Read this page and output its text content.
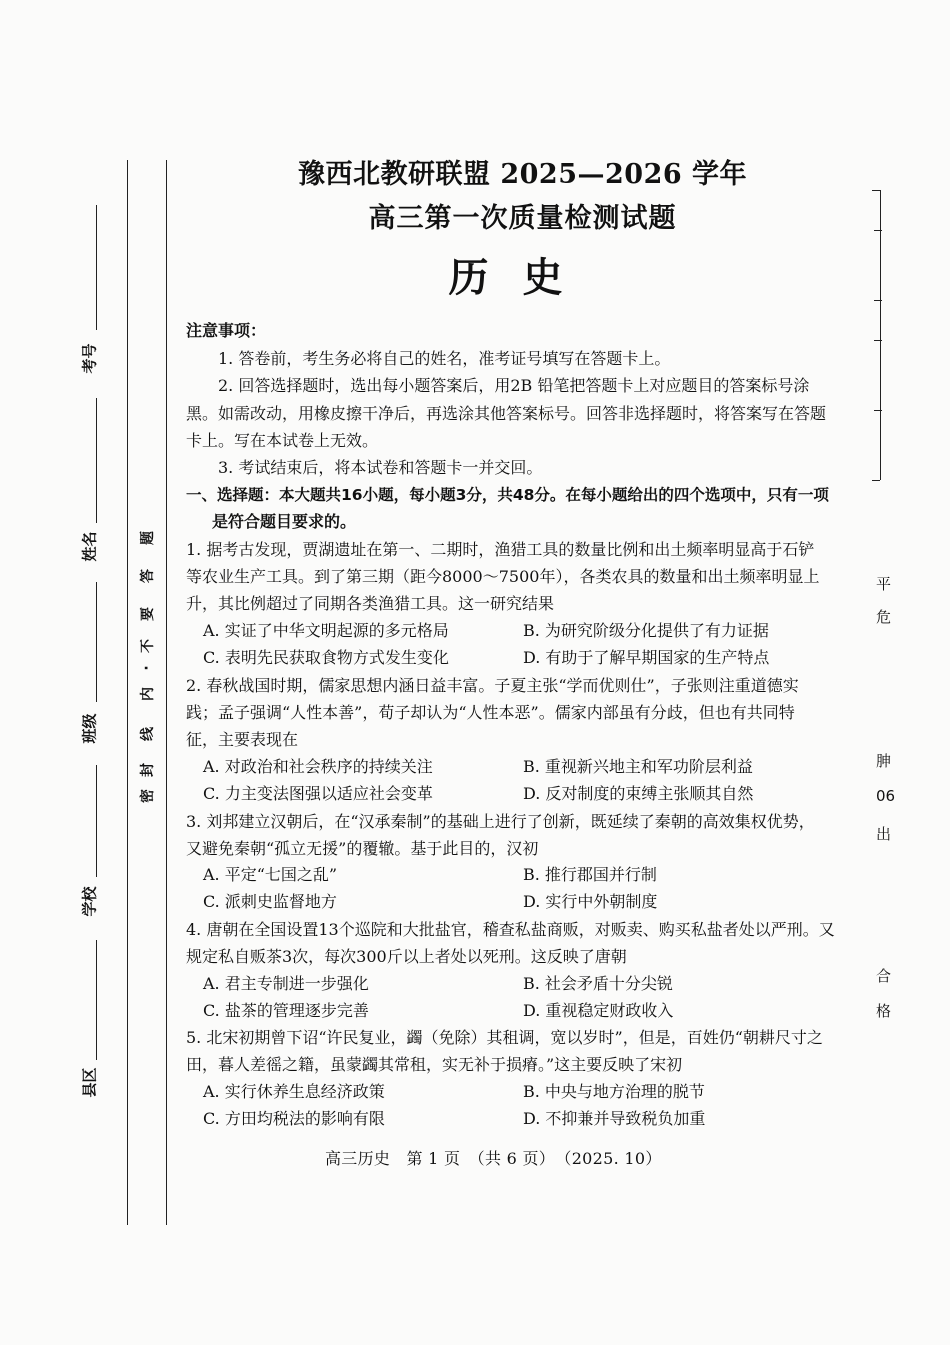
考号
姓名
班级
学校
县区
题
答
要
不
·
内
线
封
密
平
危
胂
06
出
合
格
豫西北教研联盟 2025—2026 学年
高三第一次质量检测试题
历史
注意事项：
1. 答卷前，考生务必将自己的姓名，准考证号填写在答题卡上。
2. 回答选择题时，选出每小题答案后，用2B 铅笔把答题卡上对应题目的答案标号涂
黑。如需改动，用橡皮擦干净后，再选涂其他答案标号。回答非选择题时，将答案写在答题
卡上。写在本试卷上无效。
3. 考试结束后，将本试卷和答题卡一并交回。
一、选择题：本大题共16小题，每小题3分，共48分。在每小题给出的四个选项中，只有一项
是符合题目要求的。
1. 据考古发现，贾湖遗址在第一、二期时，渔猎工具的数量比例和出土频率明显高于石铲
等农业生产工具。到了第三期（距今8000～7500年），各类农具的数量和出土频率明显上
升，其比例超过了同期各类渔猎工具。这一研究结果
A. 实证了中华文明起源的多元格局	B. 为研究阶级分化提供了有力证据
C. 表明先民获取食物方式发生变化	D. 有助于了解早期国家的生产特点
2. 春秋战国时期，儒家思想内涵日益丰富。子夏主张“学而优则仕”，子张则注重道德实
践；孟子强调“人性本善”，荀子却认为“人性本恶”。儒家内部虽有分歧，但也有共同特
征，主要表现在
A. 对政治和社会秩序的持续关注	B. 重视新兴地主和军功阶层利益
C. 力主变法图强以适应社会变革	D. 反对制度的束缚主张顺其自然
3. 刘邦建立汉朝后，在“汉承秦制”的基础上进行了创新，既延续了秦朝的高效集权优势，
又避免秦朝“孤立无援”的覆辙。基于此目的，汉初
A. 平定“七国之乱”	B. 推行郡国并行制
C. 派刺史监督地方	D. 实行中外朝制度
4. 唐朝在全国设置13个巡院和大批盐官，稽查私盐商贩，对贩卖、购买私盐者处以严刑。又
规定私自贩茶3次，每次300斤以上者处以死刑。这反映了唐朝
A. 君主专制进一步强化	B. 社会矛盾十分尖锐
C. 盐茶的管理逐步完善	D. 重视稳定财政收入
5. 北宋初期曾下诏“许民复业，蠲（免除）其租调，宽以岁时”，但是，百姓仍“朝耕尺寸之
田，暮人差徭之籍，虽蒙蠲其常租，实无补于损瘠。”这主要反映了宋初
A. 实行休养生息经济政策	B. 中央与地方治理的脱节
C. 方田均税法的影响有限	D. 不抑兼并导致税负加重
高三历史　第 1 页　（共 6 页）　（2025. 10）
